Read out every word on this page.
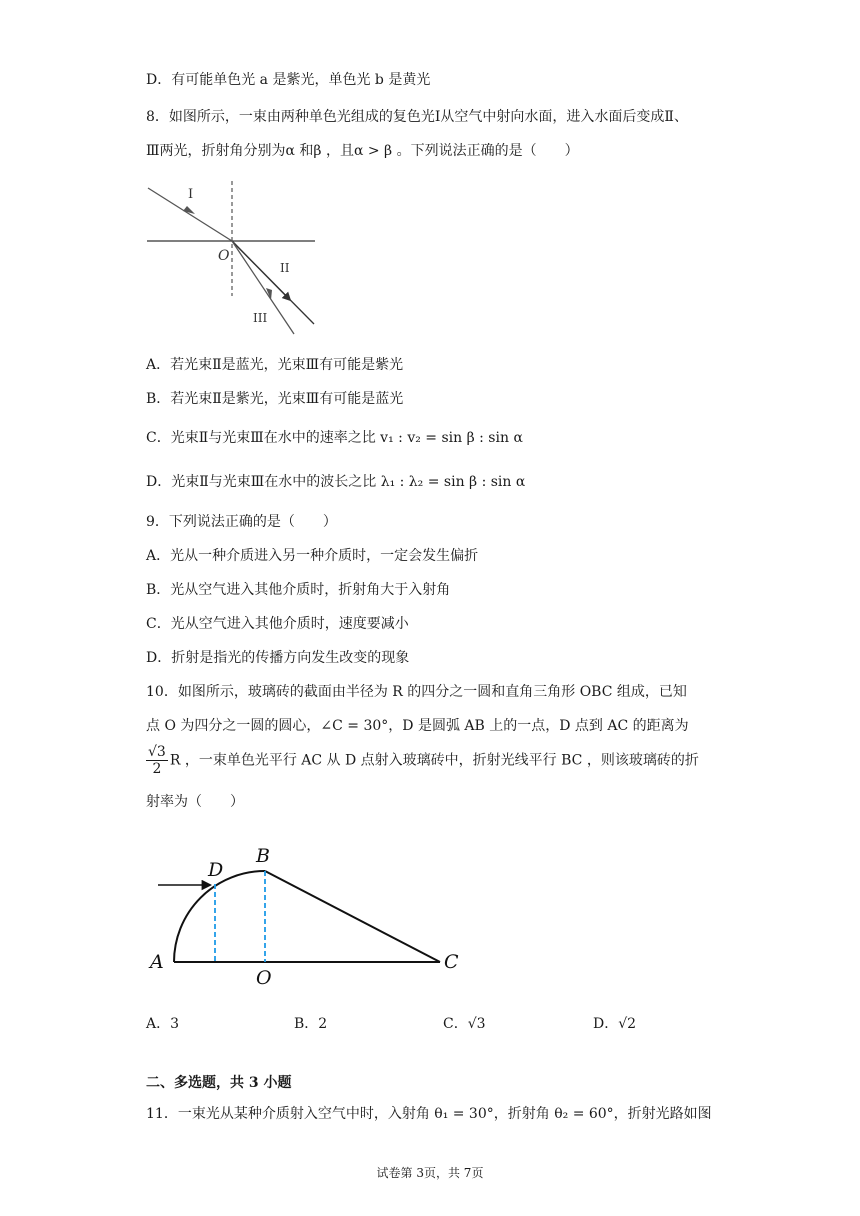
D．有可能单色光 a 是紫光，单色光 b 是黄光
8．如图所示，一束由两种单色光组成的复色光Ⅰ从空气中射向水面，进入水面后变成Ⅱ、
Ⅲ两光，折射角分别为α 和β ，且α > β 。下列说法正确的是（　　）
I
O
II
III
A．若光束Ⅱ是蓝光，光束Ⅲ有可能是紫光
B．若光束Ⅱ是紫光，光束Ⅲ有可能是蓝光
C．光束Ⅱ与光束Ⅲ在水中的速率之比 v₁ : v₂ = sin β : sin α
D．光束Ⅱ与光束Ⅲ在水中的波长之比 λ₁ : λ₂ = sin β : sin α
9．下列说法正确的是（　　）
A．光从一种介质进入另一种介质时，一定会发生偏折
B．光从空气进入其他介质时，折射角大于入射角
C．光从空气进入其他介质时，速度要减小
D．折射是指光的传播方向发生改变的现象
10．如图所示，玻璃砖的截面由半径为 R 的四分之一圆和直角三角形 OBC 组成，已知
点 O 为四分之一圆的圆心，∠C = 30°，D 是圆弧 AB 上的一点，D 点到 AC 的距离为
$\frac{√3}{2}$ R ，一束单色光平行 AC 从 D 点射入玻璃砖中，折射光线平行 BC ，则该玻璃砖的折
射率为（　　）
A
D
B
C
O
A．3	B．2	C．√3	D．√2
二、多选题，共 3 小题
11．一束光从某种介质射入空气中时，入射角 θ₁ = 30°，折射角 θ₂ = 60°，折射光路如图
试卷第 3页，共 7页
